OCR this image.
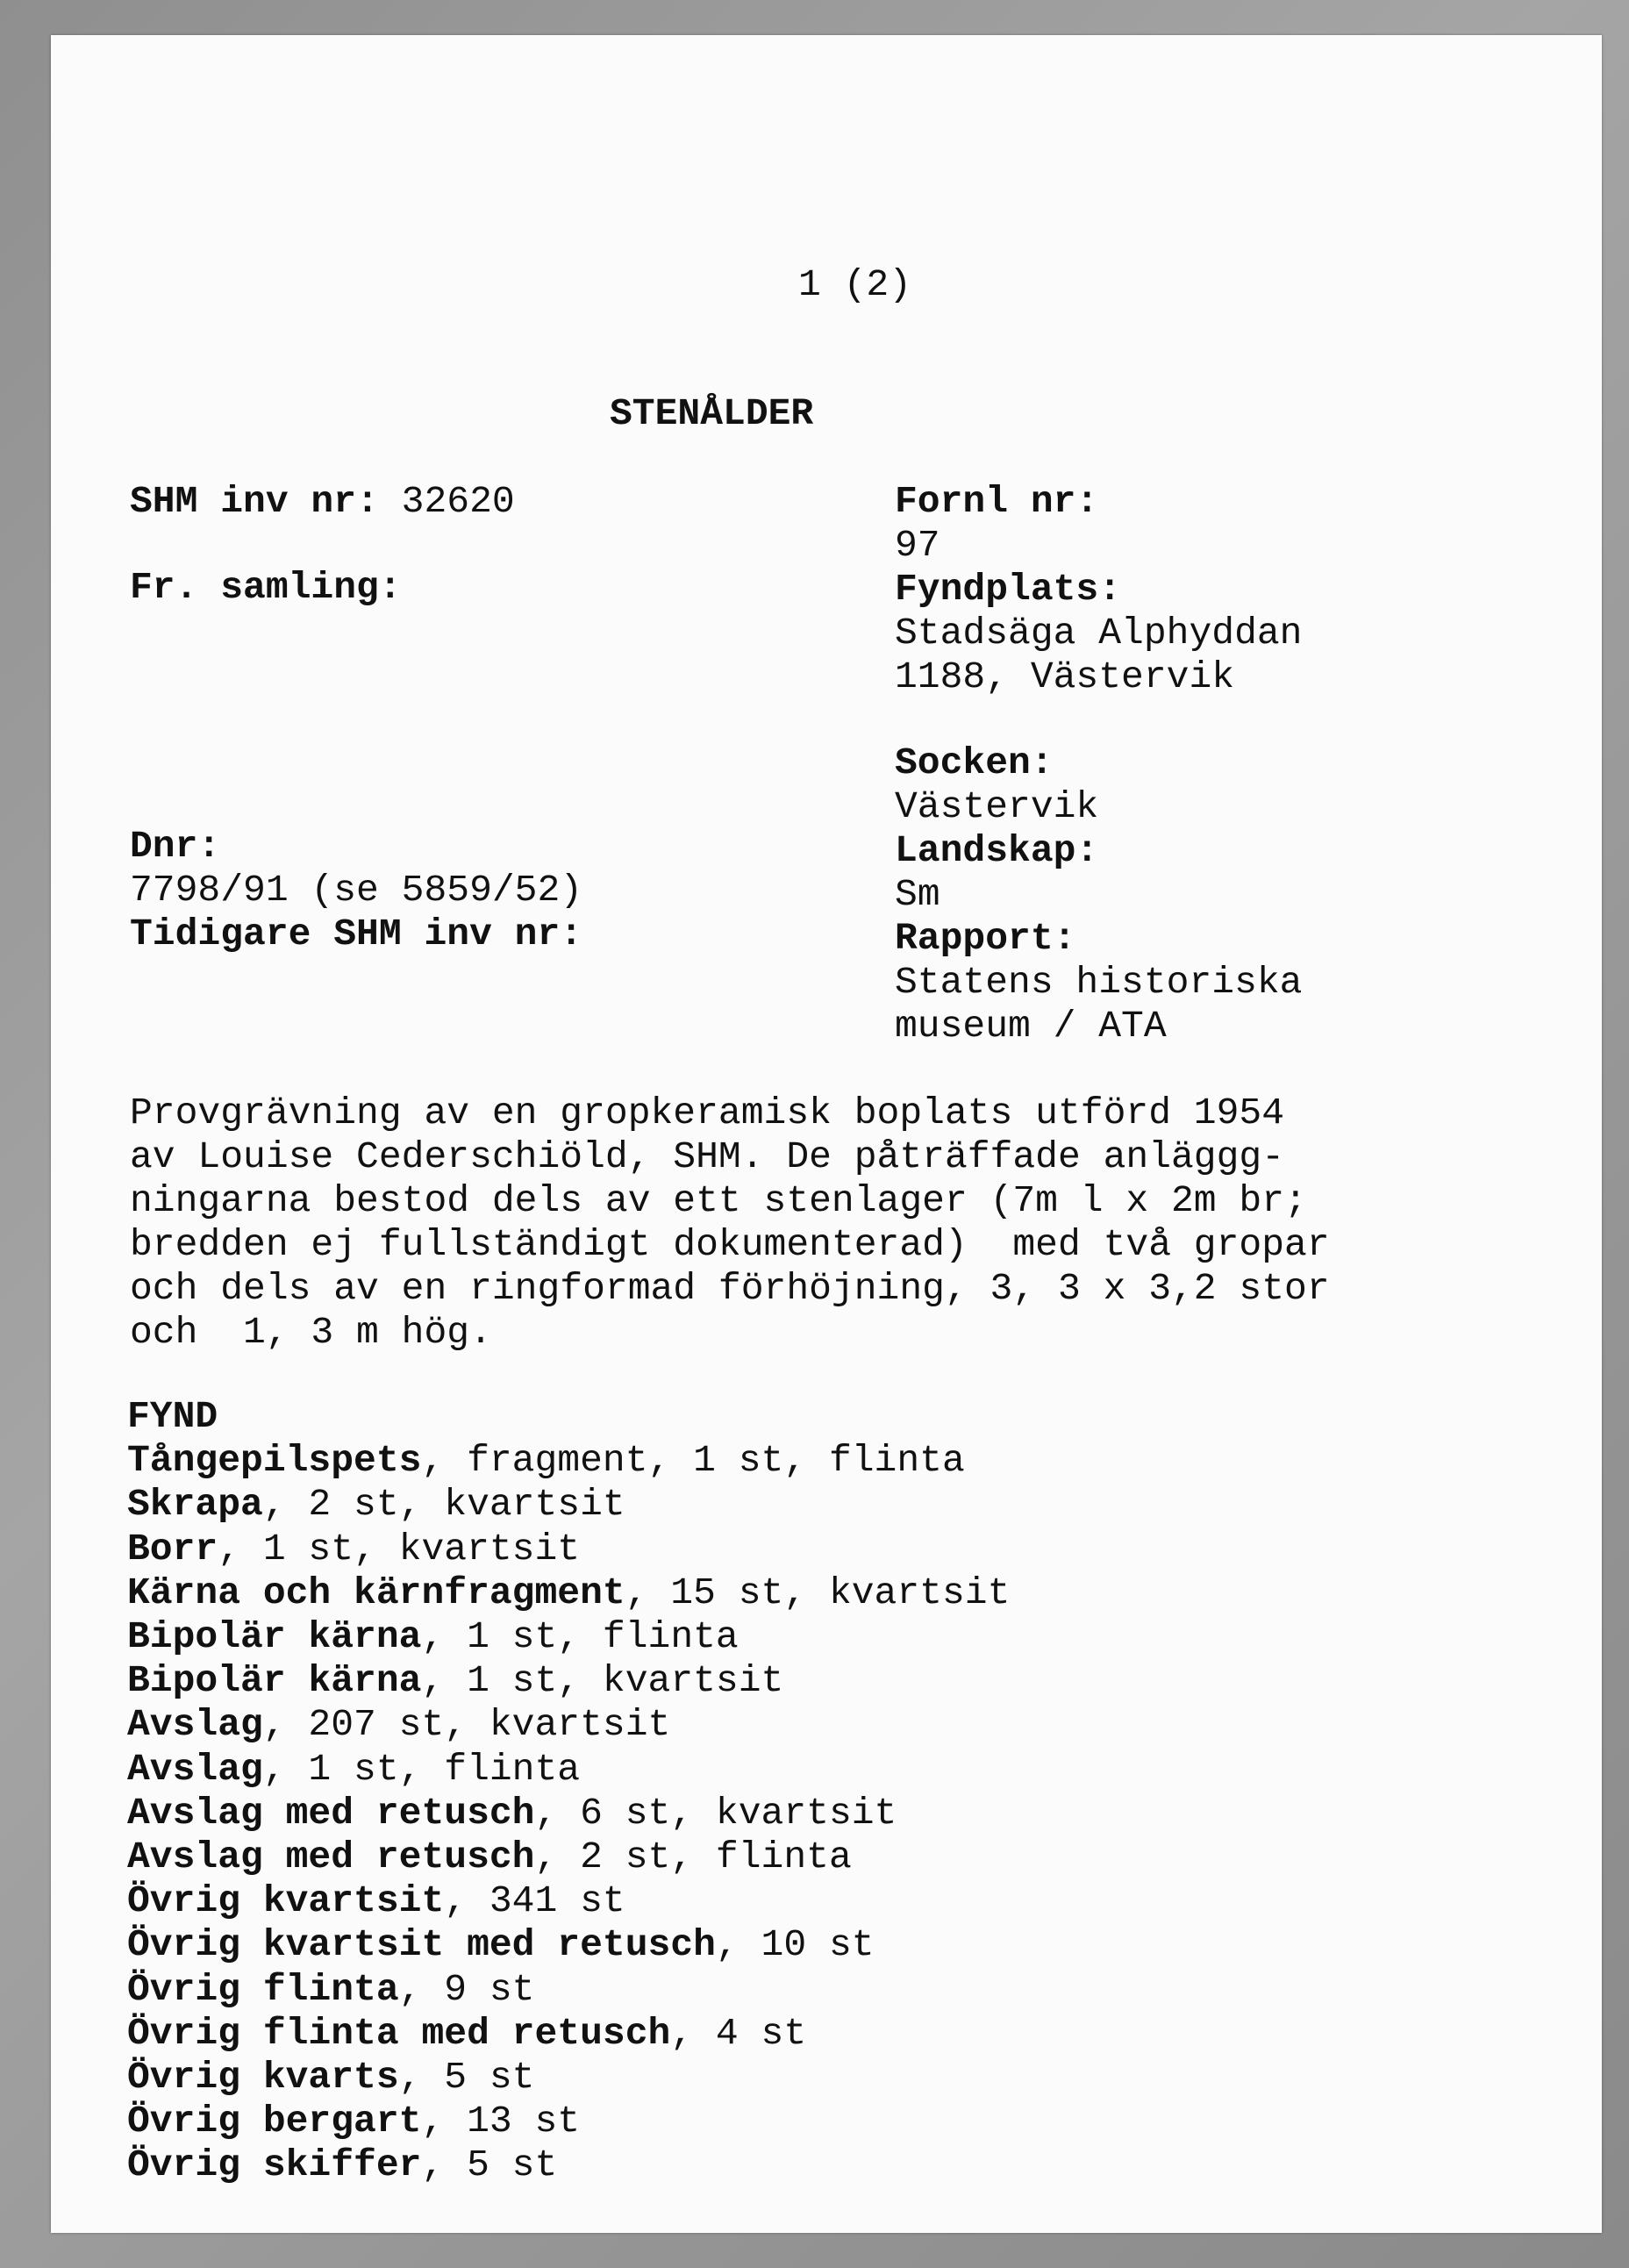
1 (2)
STENÅLDER
SHM inv nr: 32620
Fr. samling:
Dnr:
7798/91 (se 5859/52)
Tidigare SHM inv nr:
Fornl nr:
97
Fyndplats:
Stadsäga Alphyddan
1188, Västervik
Socken:
Västervik
Landskap:
Sm
Rapport:
Statens historiska
museum / ATA
Provgrävning av en gropkeramisk boplats utförd 1954
av Louise Cederschiöld, SHM. De påträffade anläggg-
ningarna bestod dels av ett stenlager (7m l x 2m br;
bredden ej fullständigt dokumenterad)  med två gropar
och dels av en ringformad förhöjning, 3, 3 x 3,2 stor
och  1, 3 m hög.
FYND
Tångepilspets, fragment, 1 st, flinta
Skrapa, 2 st, kvartsit
Borr, 1 st, kvartsit
Kärna och kärnfragment, 15 st, kvartsit
Bipolär kärna, 1 st, flinta
Bipolär kärna, 1 st, kvartsit
Avslag, 207 st, kvartsit
Avslag, 1 st, flinta
Avslag med retusch, 6 st, kvartsit
Avslag med retusch, 2 st, flinta
Övrig kvartsit, 341 st
Övrig kvartsit med retusch, 10 st
Övrig flinta, 9 st
Övrig flinta med retusch, 4 st
Övrig kvarts, 5 st
Övrig bergart, 13 st
Övrig skiffer, 5 st
